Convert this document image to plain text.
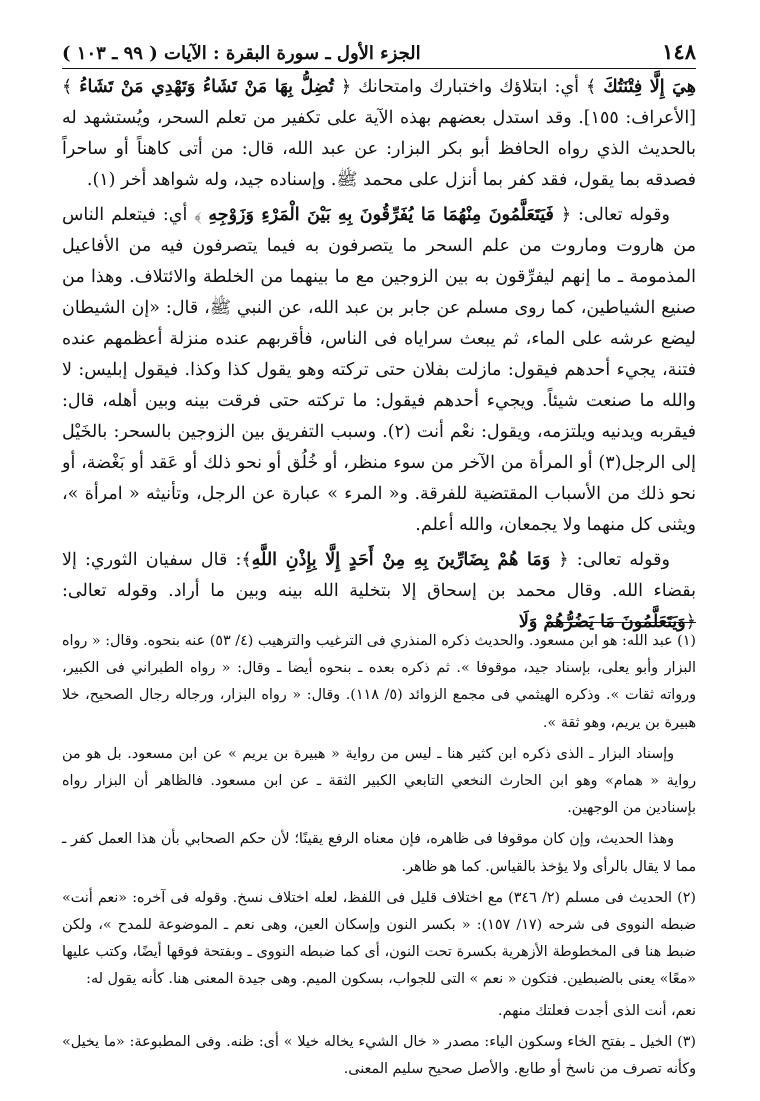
١٤٨
الجزء الأول ـ سورة البقرة : الآيات ( ٩٩ ـ ١٠٣ )

هِيَ إِلَّا فِتْنَتُكَ ﴾ أي: ابتلاؤك واختبارك وامتحانك ﴿ تُضِلُّ بِهَا مَنْ تَشَاءُ وَتَهْدِي مَنْ تَشَاءُ ﴾ [الأعراف: ١٥٥]. وقد استدل بعضهم بهذه الآية على تكفير من تعلم السحر، ويُستشهد له بالحديث الذي رواه الحافظ أبو بكر البزار: عن عبد الله، قال: من أتى كاهناً أو ساحراً فصدقه بما يقول، فقد كفر بما أنزل على محمد ﷺ. وإسناده جيد، وله شواهد أخر (١).

وقوله تعالى: ﴿ فَيَتَعَلَّمُونَ مِنْهُمَا مَا يُفَرِّقُونَ بِهِ بَيْنَ الْمَرْءِ وَزَوْجِهِ ﴾ أي: فيتعلم الناس من هاروت وماروت من علم السحر ما يتصرفون به فيما يتصرفون فيه من الأفاعيل المذمومة ـ ما إنهم ليفرِّقون به بين الزوجين مع ما بينهما من الخلطة والائتلاف. وهذا من صنيع الشياطين، كما روى مسلم عن جابر بن عبد الله، عن النبي ﷺ، قال: «إن الشيطان ليضع عرشه على الماء، ثم يبعث سراياه فى الناس، فأقربهم عنده منزلة أعظمهم عنده فتنة، يجيء أحدهم فيقول: مازلت بفلان حتى تركته وهو يقول كذا وكذا. فيقول إبليس: لا والله ما صنعت شيئاً. ويجيء أحدهم فيقول: ما تركته حتى فرقت بينه وبين أهله، قال: فيقربه ويدنيه ويلتزمه، ويقول: نعْم أنت (٢). وسبب التفريق بين الزوجين بالسحر: بالخَيْل إلى الرجل(٣) أو المرأة من الآخر من سوء منظر، أو خُلُق أو نحو ذلك أو عَقد أو بَغْضة، أو نحو ذلك من الأسباب المقتضية للفرقة. و« المرء » عبارة عن الرجل، وتأنيثه « امرأة »، ويثنى كل منهما ولا يجمعان، والله أعلم.

وقوله تعالى: ﴿ وَمَا هُمْ بِضَارِّينَ بِهِ مِنْ أَحَدٍ إِلَّا بِإِذْنِ اللَّهِ﴾: قال سفيان الثوري: إلا بقضاء الله. وقال محمد بن إسحاق إلا بتخلية الله بينه وبين ما أراد. وقوله تعالى: ﴿وَيَتَعَلَّمُونَ مَا يَضُرُّهُمْ وَلَا

(١) عبد الله: هو ابن مسعود. والحديث ذكره المنذري فى الترغيب والترهيب (٤/ ٥٣) عنه بنحوه. وقال: « رواه البزار وأبو يعلى، بإسناد جيد، موقوفا ». ثم ذكره بعده ـ بنحوه أيضا ـ وقال: « رواه الطبراني فى الكبير، ورواته ثقات ». وذكره الهيثمي فى مجمع الزوائد (٥/ ١١٨). وقال: « رواه البزار، ورجاله رجال الصحيح، خلا هبيرة بن يريم، وهو ثقة ».

وإسناد البزار ـ الذى ذكره ابن كثير هنا ـ ليس من رواية « هبيرة بن يريم » عن ابن مسعود. بل هو من رواية « همام» وهو ابن الحارث النخعي التابعي الكبير الثقة ـ عن ابن مسعود. فالظاهر أن البزار رواه بإسنادين من الوجهين.

وهذا الحديث، وإن كان موقوفا فى ظاهره، فإن معناه الرفع يقينًا؛ لأن حكم الصحابي بأن هذا العمل كفر ـ مما لا يقال بالرأى ولا يؤخذ بالقياس. كما هو ظاهر.

(٢) الحديث فى مسلم (٢/ ٣٤٦) مع اختلاف قليل فى اللفظ، لعله اختلاف نسخ. وقوله فى آخره: «نعم أنت» ضبطه النووى فى شرحه (١٧/ ١٥٧): « بكسر النون وإسكان العين، وهى نعم ـ الموضوعة للمدح »، ولكن ضبط هنا فى المخطوطة الأزهرية بكسرة تحت النون، أى كما ضبطه النووى ـ وبفتحة فوقها أيضًا، وكتب عليها «معًا» يعنى بالضبطين. فتكون « نعم » التى للجواب، بسكون الميم. وهى جيدة المعنى هنا. كأنه يقول له:

نعم، أنت الذى أجدت فعلتك منهم.

(٣) الخيل ـ بفتح الخاء وسكون الياء: مصدر « خال الشيء يخاله خيلا » أى: ظنه. وفى المطبوعة: «ما يخيل» وكأنه تصرف من ناسخ أو طابع. والأصل صحيح سليم المعنى.
